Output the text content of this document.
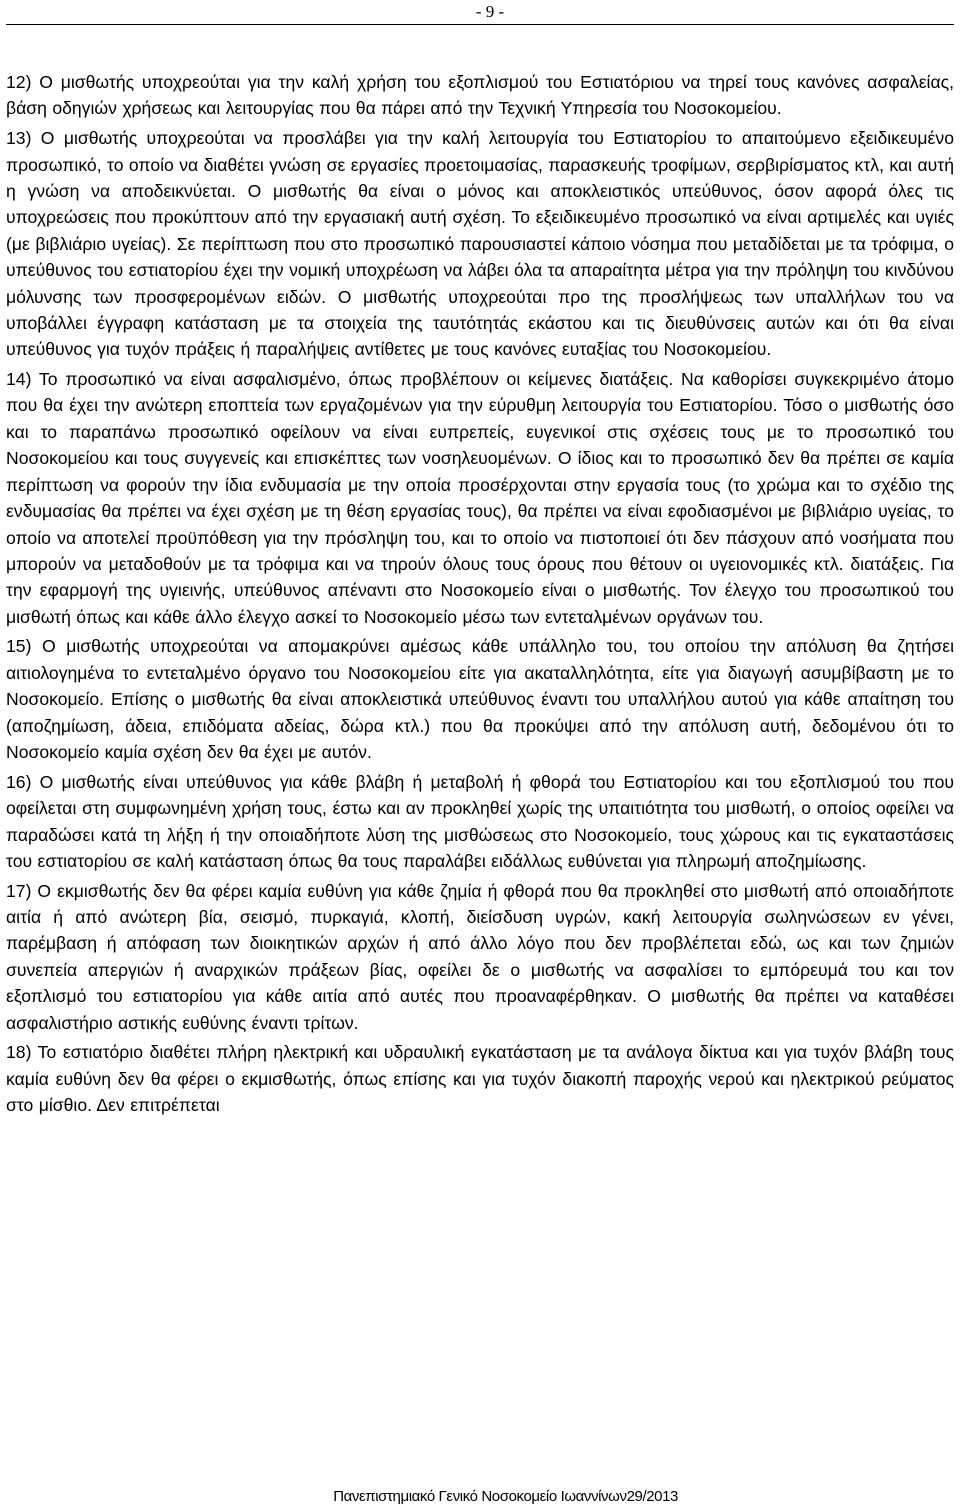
- 9 -

12) Ο μισθωτής υποχρεούται για την καλή χρήση του εξοπλισμού του Εστιατόριου να τηρεί τους κανόνες ασφαλείας, βάση οδηγιών χρήσεως και λειτουργίας που θα πάρει από την Τεχνική Υπηρεσία του Νοσοκομείου.

13) Ο μισθωτής υποχρεούται να προσλάβει για την καλή λειτουργία του Εστιατορίου το απαιτούμενο εξειδικευμένο προσωπικό, το οποίο να διαθέτει γνώση σε εργασίες προετοιμασίας, παρασκευής τροφίμων, σερβιρίσματος κτλ, και αυτή η γνώση να αποδεικνύεται. Ο μισθωτής θα είναι ο μόνος και αποκλειστικός υπεύθυνος, όσον αφορά όλες τις υποχρεώσεις που προκύπτουν από την εργασιακή αυτή σχέση. Το εξειδικευμένο προσωπικό να είναι αρτιμελές και υγιές (με βιβλιάριο υγείας). Σε περίπτωση που στο προσωπικό παρουσιαστεί κάποιο νόσημα που μεταδίδεται με τα τρόφιμα, ο υπεύθυνος του εστιατορίου έχει την νομική υποχρέωση να λάβει όλα τα απαραίτητα μέτρα για την πρόληψη του κινδύνου μόλυνσης των προσφερομένων ειδών. Ο μισθωτής υποχρεούται προ της προσλήψεως των υπαλλήλων του να υποβάλλει έγγραφη κατάσταση με τα στοιχεία της ταυτότητάς εκάστου και τις διευθύνσεις αυτών και ότι θα είναι υπεύθυνος για τυχόν πράξεις ή παραλήψεις αντίθετες με τους κανόνες ευταξίας του Νοσοκομείου.

14) Το προσωπικό να είναι ασφαλισμένο, όπως προβλέπουν οι κείμενες διατάξεις. Να καθορίσει συγκεκριμένο άτομο που θα έχει την ανώτερη εποπτεία των εργαζομένων για την εύρυθμη λειτουργία του Εστιατορίου. Τόσο ο μισθωτής όσο και το παραπάνω προσωπικό οφείλουν να είναι ευπρεπείς, ευγενικοί στις σχέσεις τους με το προσωπικό του Νοσοκομείου και τους συγγενείς και επισκέπτες των νοσηλευομένων. Ο ίδιος και το προσωπικό δεν θα πρέπει σε καμία περίπτωση να φορούν την ίδια ενδυμασία με την οποία προσέρχονται στην εργασία τους (το χρώμα και το σχέδιο της ενδυμασίας θα πρέπει να έχει σχέση με τη θέση εργασίας τους), θα πρέπει να είναι εφοδιασμένοι με βιβλιάριο υγείας, το οποίο να αποτελεί προϋπόθεση για την πρόσληψη του, και το οποίο να πιστοποιεί ότι δεν πάσχουν από νοσήματα που μπορούν να μεταδοθούν με τα τρόφιμα και να τηρούν όλους τους όρους που θέτουν οι υγειονομικές κτλ. διατάξεις. Για την εφαρμογή της υγιεινής, υπεύθυνος απέναντι στο Νοσοκομείο είναι ο μισθωτής. Τον έλεγχο του προσωπικού του μισθωτή όπως και κάθε άλλο έλεγχο ασκεί το Νοσοκομείο μέσω των εντεταλμένων οργάνων του.

15) Ο μισθωτής υποχρεούται να απομακρύνει αμέσως κάθε υπάλληλο του, του οποίου την απόλυση θα ζητήσει αιτιολογημένα το εντεταλμένο όργανο του Νοσοκομείου είτε για ακαταλληλότητα, είτε για διαγωγή ασυμβίβαστη με το Νοσοκομείο. Επίσης ο μισθωτής θα είναι αποκλειστικά υπεύθυνος έναντι του υπαλλήλου αυτού για κάθε απαίτηση του (αποζημίωση, άδεια, επιδόματα αδείας, δώρα κτλ.) που θα προκύψει από την απόλυση αυτή, δεδομένου ότι το Νοσοκομείο καμία σχέση δεν θα έχει με αυτόν.

16) Ο μισθωτής είναι υπεύθυνος για κάθε βλάβη ή μεταβολή ή φθορά του Εστιατορίου και του εξοπλισμού του που οφείλεται στη συμφωνημένη χρήση τους, έστω και αν προκληθεί χωρίς της υπαιτιότητα του μισθωτή, ο οποίος οφείλει να παραδώσει κατά τη λήξη ή την οποιαδήποτε λύση της μισθώσεως στο Νοσοκομείο, τους χώρους και τις εγκαταστάσεις του εστιατορίου σε καλή κατάσταση όπως θα τους παραλάβει ειδάλλως ευθύνεται για πληρωμή αποζημίωσης.

17) Ο εκμισθωτής δεν θα φέρει καμία ευθύνη για κάθε ζημία ή φθορά που θα προκληθεί στο μισθωτή από οποιαδήποτε αιτία ή από ανώτερη βία, σεισμό, πυρκαγιά, κλοπή, διείσδυση υγρών, κακή λειτουργία σωληνώσεων εν γένει, παρέμβαση ή απόφαση των διοικητικών αρχών ή από άλλο λόγο που δεν προβλέπεται εδώ, ως και των ζημιών συνεπεία απεργιών ή αναρχικών πράξεων βίας, οφείλει δε ο μισθωτής να ασφαλίσει το εμπόρευμά του και τον εξοπλισμό του εστιατορίου για κάθε αιτία από αυτές που προαναφέρθηκαν. Ο μισθωτής θα πρέπει να καταθέσει ασφαλιστήριο αστικής ευθύνης έναντι τρίτων.

18) Το εστιατόριο διαθέτει πλήρη ηλεκτρική και υδραυλική εγκατάσταση με τα ανάλογα δίκτυα και για τυχόν βλάβη τους καμία ευθύνη δεν θα φέρει ο εκμισθωτής, όπως επίσης και για τυχόν διακοπή παροχής νερού και ηλεκτρικού ρεύματος στο μίσθιο. Δεν επιτρέπεται

Πανεπιστημιακό Γενικό Νοσοκομείο Ιωαννίνων29/2013
